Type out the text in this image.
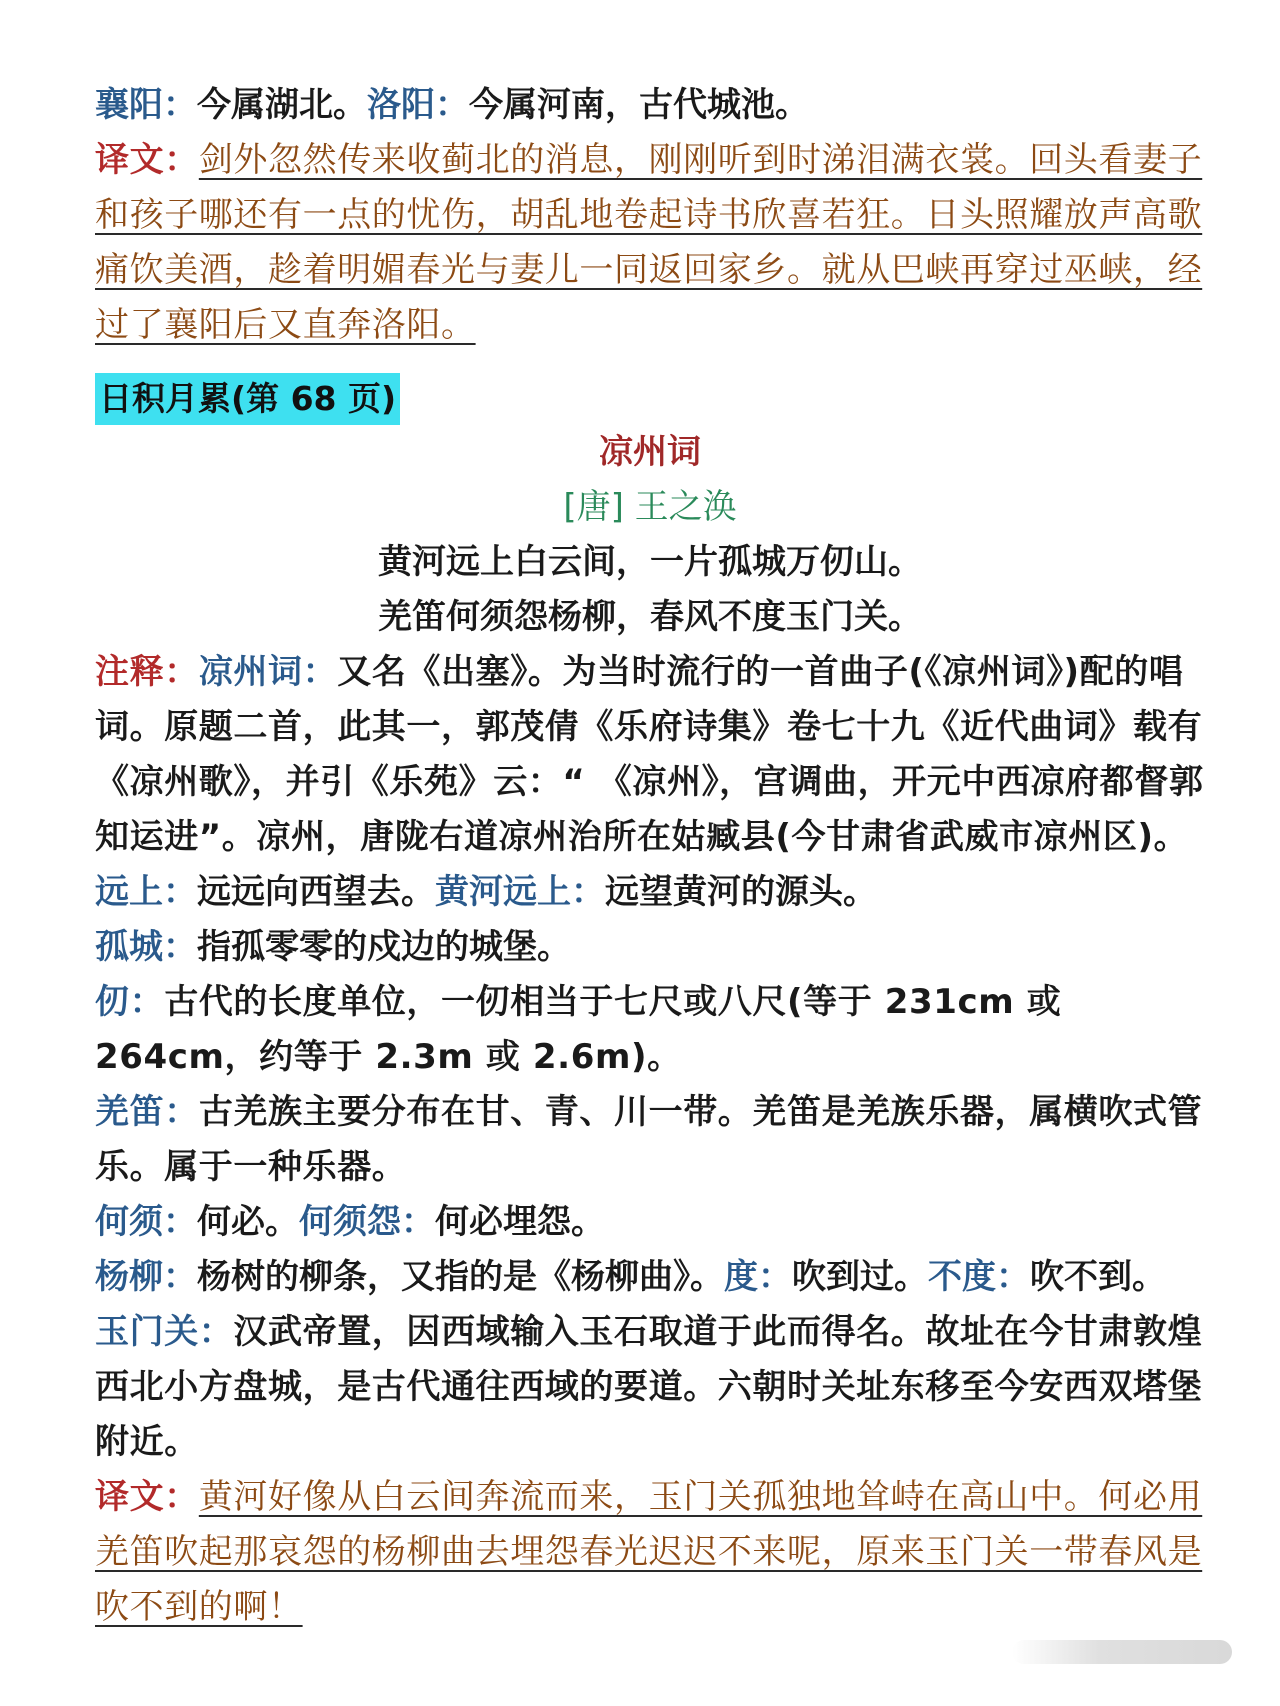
襄阳：今属湖北。洛阳：今属河南，古代城池。
译文：剑外忽然传来收蓟北的消息，刚刚听到时涕泪满衣裳。回头看妻子和孩子哪还有一点的忧伤，胡乱地卷起诗书欣喜若狂。日头照耀放声高歌痛饮美酒，趁着明媚春光与妻儿一同返回家乡。就从巴峡再穿过巫峡，经过了襄阳后又直奔洛阳。
日积月累(第 68 页)
凉州词
[唐] 王之涣
黄河远上白云间，一片孤城万仞山。
羌笛何须怨杨柳，春风不度玉门关。
注释：凉州词：又名《出塞》。为当时流行的一首曲子(《凉州词》)配的唱词。原题二首，此其一，郭茂倩《乐府诗集》卷七十九《近代曲词》载有《凉州歌》，并引《乐苑》云：“ 《凉州》，宫调曲，开元中西凉府都督郭知运进”。凉州，唐陇右道凉州治所在姑臧县(今甘肃省武威市凉州区)。
远上：远远向西望去。黄河远上：远望黄河的源头。
孤城：指孤零零的戍边的城堡。
仞：古代的长度单位，一仞相当于七尺或八尺(等于 231cm 或 264cm，约等于 2.3m 或 2.6m)。
羌笛：古羌族主要分布在甘、青、川一带。羌笛是羌族乐器，属横吹式管乐。属于一种乐器。
何须：何必。何须怨：何必埋怨。
杨柳：杨树的柳条，又指的是《杨柳曲》。度：吹到过。不度：吹不到。
玉门关：汉武帝置，因西域输入玉石取道于此而得名。故址在今甘肃敦煌西北小方盘城，是古代通往西域的要道。六朝时关址东移至今安西双塔堡附近。
译文：黄河好像从白云间奔流而来，玉门关孤独地耸峙在高山中。何必用羌笛吹起那哀怨的杨柳曲去埋怨春光迟迟不来呢，原来玉门关一带春风是吹不到的啊！
